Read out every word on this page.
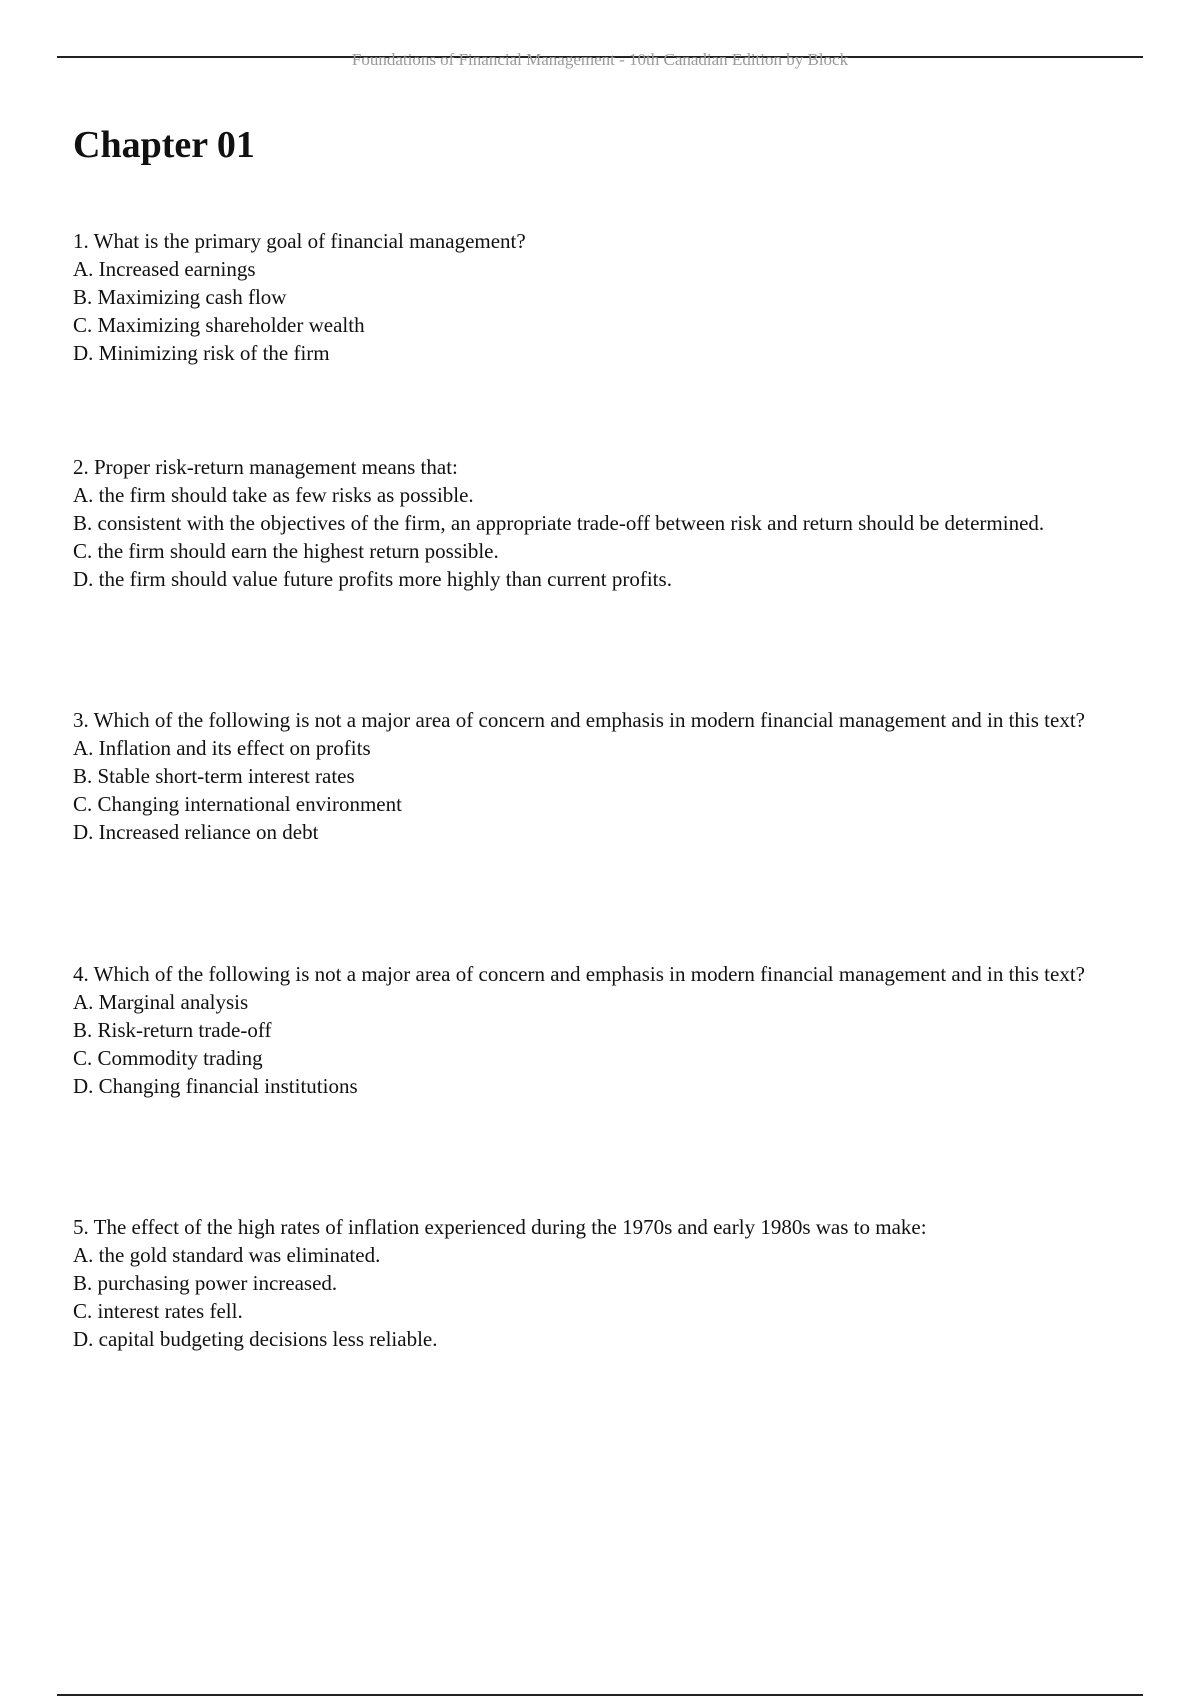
Foundations of Financial Management - 10th Canadian Edition by Block
Chapter 01

1. What is the primary goal of financial management?

A. Increased earnings

B. Maximizing cash flow

C. Maximizing shareholder wealth

D. Minimizing risk of the firm

2. Proper risk-return management means that:

A. the firm should take as few risks as possible.

B. consistent with the objectives of the firm, an appropriate trade-off between risk and return should be determined.

C. the firm should earn the highest return possible.

D. the firm should value future profits more highly than current profits.

3. Which of the following is not a major area of concern and emphasis in modern financial management and in this text?

A. Inflation and its effect on profits

B. Stable short-term interest rates

C. Changing international environment

D. Increased reliance on debt

4. Which of the following is not a major area of concern and emphasis in modern financial management and in this text?

A. Marginal analysis

B. Risk-return trade-off

C. Commodity trading

D. Changing financial institutions

5. The effect of the high rates of inflation experienced during the 1970s and early 1980s was to make:

A. the gold standard was eliminated.

B. purchasing power increased.

C. interest rates fell.

D. capital budgeting decisions less reliable.
